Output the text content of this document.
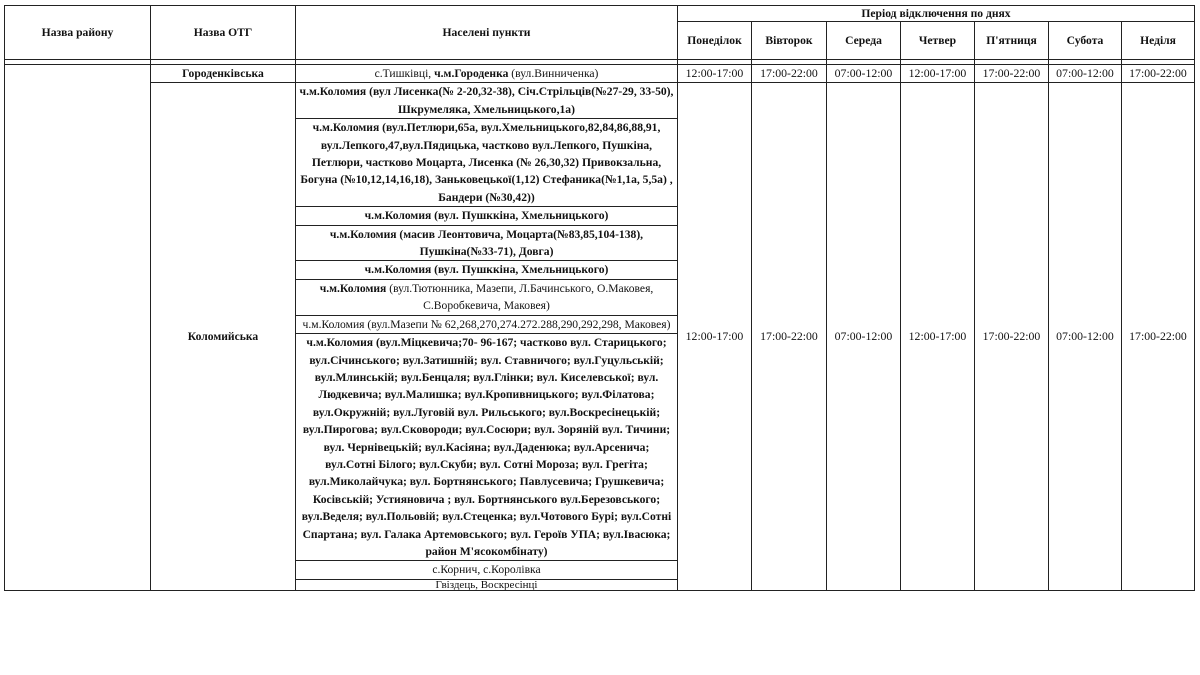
Назва району	Назва ОТГ	Населені пункти	Період відключення по днях						
			Понеділок	Вівторок	Середа	Четвер	П'ятниця	Субота	Неділя

	Городенківська	с.Тишківці, ч.м.Городенка (вул.Винниченка)	12:00-17:00	17:00-22:00	07:00-12:00	12:00-17:00	17:00-22:00	07:00-12:00	17:00-22:00
	Коломийська	ч.м.Коломия (вул Лисенка(№ 2-20,32-38), Січ.Стрільців(№27-29, 33-50), Шкрумеляка, Хмельницького,1а)	12:00-17:00	17:00-22:00	07:00-12:00	12:00-17:00	17:00-22:00	07:00-12:00	17:00-22:00
		ч.м.Коломия (вул.Петлюри,65а, вул.Хмельницького,82,84,86,88,91, вул.Лепкого,47,вул.Пядицька, частково вул.Лепкого, Пушкіна, Петлюри, частково Моцарта, Лисенка (№ 26,30,32) Привокзальна, Богуна (№10,12,14,16,18), Заньковецької(1,12) Стефаника(№1,1а, 5,5а) , Бандери (№30,42))							
		ч.м.Коломия (вул. Пушккіна, Хмельницького)							
		ч.м.Коломия (масив Леонтовича, Моцарта(№83,85,104-138), Пушкіна(№33-71), Довга)							
		ч.м.Коломия (вул. Пушккіна, Хмельницького)							
		ч.м.Коломия (вул.Тютюнника, Мазепи, Л.Бачинського, О.Маковея, С.Воробкевича, Маковея)							
		ч.м.Коломия (вул.Мазепи № 62,268,270,274.272.288,290,292,298, Маковея)							
		ч.м.Коломия (вул.Міцкевича;70- 96-167; частково вул. Старицького; вул.Січинського; вул.Затишній; вул. Ставничого; вул.Гуцульській; вул.Млинській; вул.Бенцаля; вул.Глінки; вул. Киселевської; вул. Людкевича; вул.Малишка; вул.Кропивницького; вул.Філатова; вул.Окружній; вул.Луговій вул. Рильського; вул.Воскресінецькій; вул.Пирогова; вул.Сковороди; вул.Сосюри; вул. Зоряній вул. Тичини; вул. Чернівецькій; вул.Касіяна; вул.Даденюка; вул.Арсенича; вул.Сотні Білого; вул.Скуби; вул. Сотні Мороза; вул. Грегіта; вул.Миколайчука; вул. Бортнянського; Павлусевича; Грушкевича; Косівській; Устияновича ; вул. Бортнянського вул.Березовського; вул.Веделя; вул.Польовій; вул.Стеценка; вул.Чотового Бурі; вул.Сотні Спартана; вул. Галака Артемовського; вул. Героїв УПА; вул.Івасюка; район М'ясокомбінату)							
		с.Корнич, с.Королівка							
		Гвіздець, Воскресінці							
